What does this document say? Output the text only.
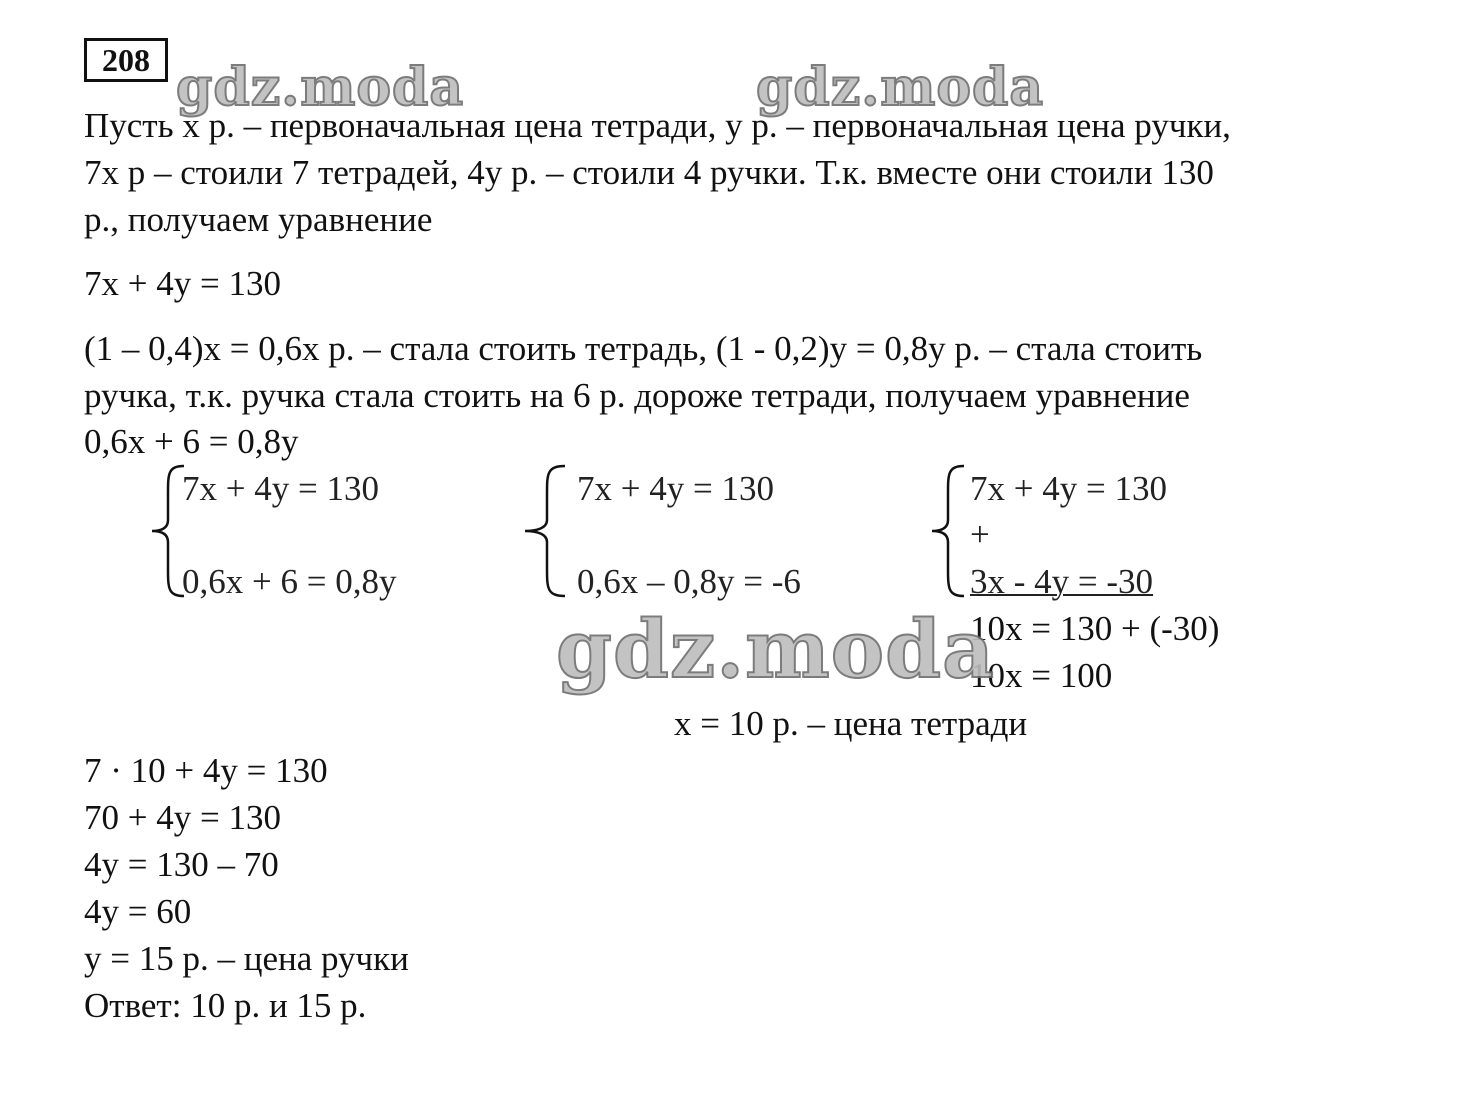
208 gdz.moda	gdz.moda
Пусть x р. – первоначальная цена тетради, y р. – первоначальная цена ручки,
7x р – стоили 7 тетрадей, 4y р. – стоили 4 ручки. Т.к. вместе они стоили 130
р., получаем уравнение
7x + 4y = 130
(1 – 0,4)x = 0,6x р. – стала стоить тетрадь, (1 - 0,2)y = 0,8y р. – стала стоить
ручка, т.к. ручка стала стоить на 6 р. дороже тетради, получаем уравнение
0,6x + 6 = 0,8y
7x + 4y = 130
0,6x + 6 = 0,8y
7x + 4y = 130
0,6x – 0,8y = -6
7x + 4y = 130
+
3x - 4y = -30
10x = 130 + (-30)
10x = 100
gdz.moda
x = 10 р. – цена тетради
7 · 10 + 4y = 130
70 + 4y = 130
4y = 130 – 70
4y = 60
y = 15 р. – цена ручки
Ответ: 10 р. и 15 р.
